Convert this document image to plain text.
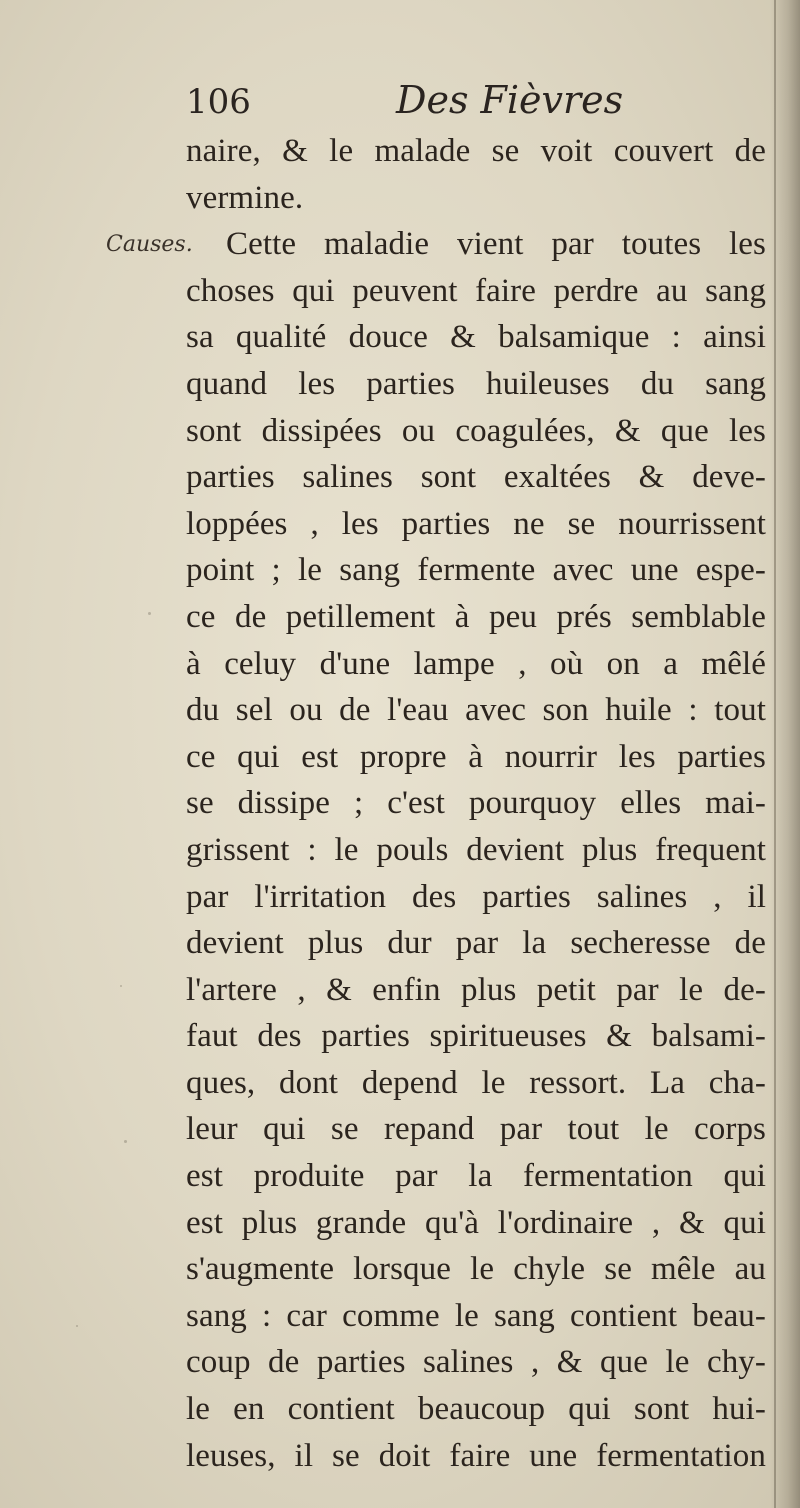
106	Des Fièvres
Causes.
naire, & le malade se voit couvert de
vermine.
Cette maladie vient par toutes les
choses qui peuvent faire perdre au sang
sa qualité douce & balsamique : ainsi
quand les parties huileuses du sang
sont dissipées ou coagulées, & que les
parties salines sont exaltées & deve-
loppées , les parties ne se nourrissent
point ; le sang fermente avec une espe-
ce de petillement à peu prés semblable
à celuy d'une lampe , où on a mêlé
du sel ou de l'eau avec son huile : tout
ce qui est propre à nourrir les parties
se dissipe ; c'est pourquoy elles mai-
grissent : le pouls devient plus frequent
par l'irritation des parties salines , il
devient plus dur par la secheresse de
l'artere , & enfin plus petit par le de-
faut des parties spiritueuses & balsami-
ques, dont depend le ressort. La cha-
leur qui se repand par tout le corps
est produite par la fermentation qui
est plus grande qu'à l'ordinaire , & qui
s'augmente lorsque le chyle se mêle au
sang : car comme le sang contient beau-
coup de parties salines , & que le chy-
le en contient beaucoup qui sont hui-
leuses, il se doit faire une fermentation
